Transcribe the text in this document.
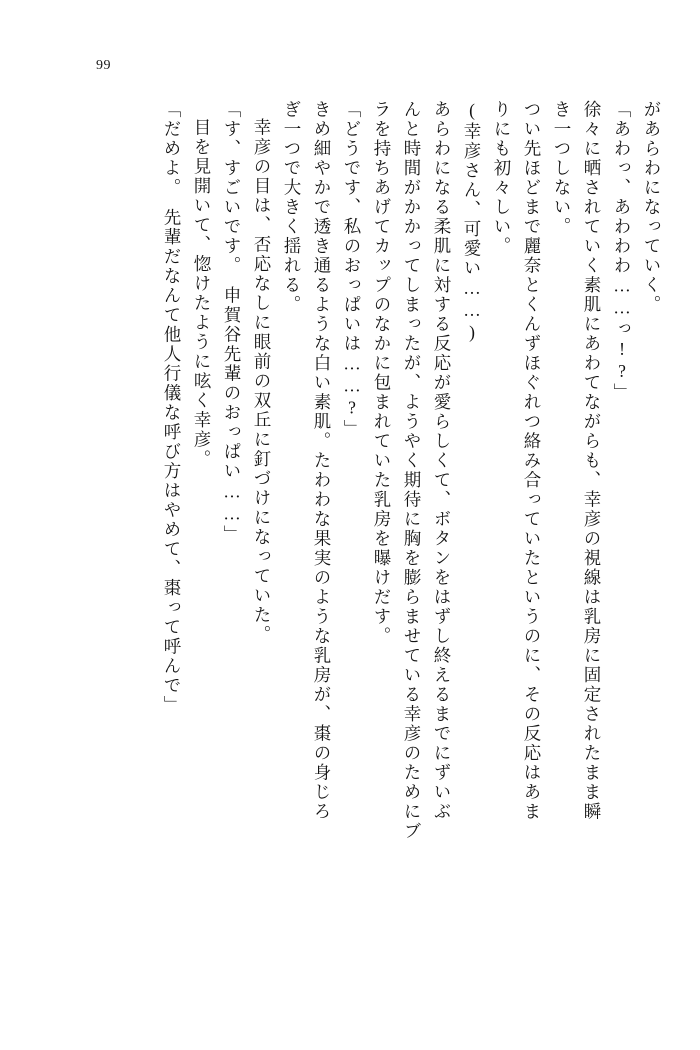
99
があらわになっていく。
「あわっ、あわわわ……っ!?」
徐々に晒されていく素肌にあわてながらも、幸彦の視線は乳房に固定されたまま瞬
き一つしない。
つい先ほどまで麗奈とくんずほぐれつ絡み合っていたというのに、その反応はあま
りにも初々しい。
(幸彦さん、可愛い……)
あらわになる柔肌に対する反応が愛らしくて、ボタンをはずし終えるまでにずいぶ
んと時間がかかってしまったが、ようやく期待に胸を膨らませている幸彦のためにブ
ラを持ちあげてカップのなかに包まれていた乳房を曝けだす。
「どうです、私のおっぱいは……?」
きめ細やかで透き通るような白い素肌。たわわな果実のような乳房が、棗の身じろ
ぎ一つで大きく揺れる。
幸彦の目は、否応なしに眼前の双丘に釘づけになっていた。
「す、すごいです。　申賀谷先輩のおっぱい……」
目を見開いて、惚けたように呟く幸彦。
「だめよ。　先輩だなんて他人行儀な呼び方はやめて、棗って呼んで」
